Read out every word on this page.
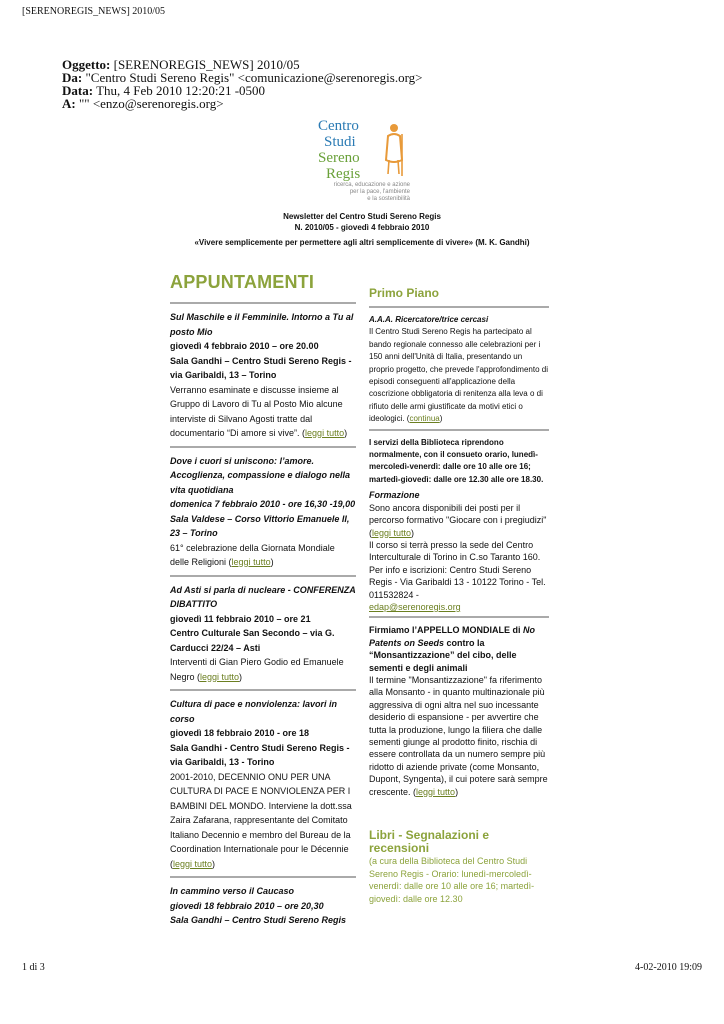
[SERENOREGIS_NEWS] 2010/05
Oggetto: [SERENOREGIS_NEWS] 2010/05
Da: "Centro Studi Sereno Regis" <comunicazione@serenoregis.org>
Data: Thu, 4 Feb 2010 12:20:21 -0500
A: "" <enzo@serenoregis.org>
Centro
Studi
Sereno
Regis
ricerca, educazione e azione
per la pace, l'ambiente
e la sostenibilità
Newsletter del Centro Studi Sereno Regis
N. 2010/05 - giovedì 4 febbraio 2010
«Vivere semplicemente per permettere agli altri semplicemente di vivere» (M. K. Gandhi)
APPUNTAMENTI
Sul Maschile e il Femminile. Intorno a Tu al posto Mio
giovedì 4 febbraio 2010 – ore 20.00
Sala Gandhi – Centro Studi Sereno Regis - via Garibaldi, 13 – Torino
Verranno esaminate e discusse insieme al Gruppo di Lavoro di Tu al Posto Mio alcune interviste di Silvano Agosti tratte dal documentario “Di amore si vive”. (leggi tutto)
Dove i cuori si uniscono: l’amore. Accoglienza, compassione e dialogo nella vita quotidiana
domenica 7 febbraio 2010 - ore 16,30 -19,00
Sala Valdese – Corso Vittorio Emanuele II, 23 – Torino
61° celebrazione della Giornata Mondiale delle Religioni (leggi tutto)
Ad Asti si parla di nucleare - CONFERENZA DIBATTITO
giovedì 11 febbraio 2010 – ore 21
Centro Culturale San Secondo – via G. Carducci 22/24 – Asti
Interventi di Gian Piero Godio ed Emanuele Negro (leggi tutto)
Cultura di pace e nonviolenza: lavori in corso
giovedì 18 febbraio 2010 - ore 18
Sala Gandhi - Centro Studi Sereno Regis - via Garibaldi, 13 - Torino
2001-2010, DECENNIO ONU PER UNA CULTURA DI PACE E NONVIOLENZA PER I BAMBINI DEL MONDO. Interviene la dott.ssa Zaira Zafarana, rappresentante del Comitato Italiano Decennio e membro del Bureau de la Coordination Internationale pour le Décennie (leggi tutto)
In cammino verso il Caucaso
giovedì 18 febbraio 2010 – ore 20,30
Sala Gandhi – Centro Studi Sereno Regis
Primo Piano
A.A.A. Ricercatore/trice cercasi
Il Centro Studi Sereno Regis ha partecipato al bando regionale connesso alle celebrazioni per i 150 anni dell'Unità di Italia, presentando un proprio progetto, che prevede l'approfondimento di episodi conseguenti all'applicazione della coscrizione obbligatoria di renitenza alla leva o di rifiuto delle armi giustificate da motivi etici o ideologici. (continua)
I servizi della Biblioteca riprendono normalmente, con il consueto orario, lunedì-mercoledì-venerdì: dalle ore 10 alle ore 16; martedì-giovedì: dalle ore 12.30 alle ore 18.30.
Formazione
Sono ancora disponibili dei posti per il percorso formativo "Giocare con i pregiudizi" (leggi tutto)
Il corso si terrà presso la sede del Centro Interculturale di Torino in C.so Taranto 160. Per info e iscrizioni: Centro Studi Sereno Regis - Via Garibaldi 13 - 10122 Torino - Tel. 011532824 -
edap@serenoregis.org
Firmiamo l’APPELLO MONDIALE di No Patents on Seeds contro la “Monsantizzazione” del cibo, delle sementi e degli animali
Il termine "Monsantizzazione" fa riferimento alla Monsanto - in quanto multinazionale più aggressiva di ogni altra nel suo incessante desiderio di espansione - per avvertire che tutta la produzione, lungo la filiera che dalle sementi giunge al prodotto finito, rischia di essere controllata da un numero sempre più ridotto di aziende private (come Monsanto, Dupont, Syngenta), il cui potere sarà sempre crescente. (leggi tutto)
Libri - Segnalazioni e recensioni
(a cura della Biblioteca del Centro Studi Sereno Regis - Orario: lunedì-mercoledì-venerdì: dalle ore 10 alle ore 16; martedì-giovedì: dalle ore 12.30
1 di 3	4-02-2010 19:09
